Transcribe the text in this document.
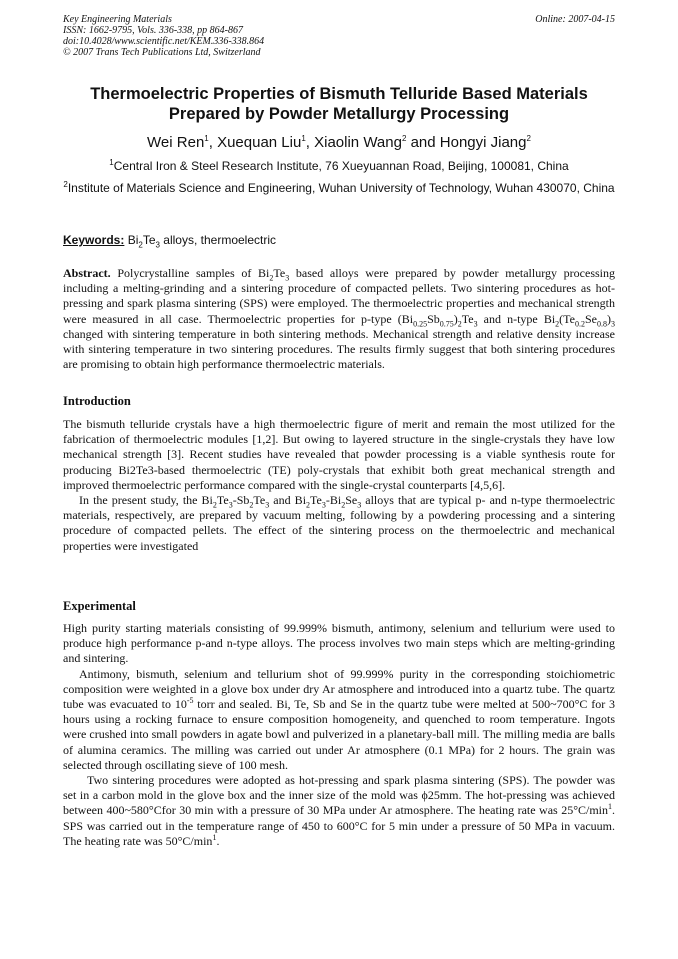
Key Engineering Materials
ISSN: 1662-9795, Vols. 336-338, pp 864-867
doi:10.4028/www.scientific.net/KEM.336-338.864
© 2007 Trans Tech Publications Ltd, Switzerland
Online: 2007-04-15
Thermoelectric Properties of Bismuth Telluride Based Materials
Prepared by Powder Metallurgy Processing
Wei Ren$^1$, Xuequan Liu$^1$, Xiaolin Wang$^2$ and Hongyi Jiang$^2$
$^1$Central Iron & Steel Research Institute, 76 Xueyuannan Road, Beijing, 100081, China
$^2$Institute of Materials Science and Engineering, Wuhan University of Technology, Wuhan 430070, China
Keywords: $Bi_2Te_3$ alloys, thermoelectric

Abstract. Polycrystalline samples of $Bi_2Te_3$ based alloys were prepared by powder metallurgy processing including a melting-grinding and a sintering procedure of compacted pellets. Two sintering procedures as hot-pressing and spark plasma sintering (SPS) were employed. The thermoelectric properties and mechanical strength were measured in all case. Thermoelectric properties for p-type $(Bi_{0.25}Sb_{0.75})_2Te_3$ and n-type $Bi_2(Te_{0.2}Se_{0.8})_3$ changed with sintering temperature in both sintering methods. Mechanical strength and relative density increase with sintering temperature in two sintering procedures. The results firmly suggest that both sintering procedures are promising to obtain high performance thermoelectric materials.

Introduction

The bismuth telluride crystals have a high thermoelectric figure of merit and remain the most utilized for the fabrication of thermoelectric modules [1,2]. But owing to layered structure in the single-crystals they have low mechanical strength [3]. Recent studies have revealed that powder processing is a viable synthesis route for producing Bi2Te3-based thermoelectric (TE) poly-crystals that exhibit both great mechanical strength and improved thermoelectric performance compared with the single-crystal counterparts [4,5,6].

In the present study, the $Bi_2Te_3-Sb_2Te_3$ and $Bi_2Te_3-Bi_2Se_3$ alloys that are typical p- and n-type thermoelectric materials, respectively, are prepared by vacuum melting, following by a powdering processing and a sintering procedure of compacted pellets. The effect of the sintering process on the thermoelectric and mechanical properties were investigated

Experimental

High purity starting materials consisting of 99.999% bismuth, antimony, selenium and tellurium were used to produce high performance p-and n-type alloys. The process involves two main steps which are melting-grinding and sintering.

Antimony, bismuth, selenium and tellurium shot of 99.999% purity in the corresponding stoichiometric composition were weighted in a glove box under dry Ar atmosphere and introduced into a quartz tube. The quartz tube was evacuated to $10^{-5}$ torr and sealed. Bi, Te, Sb and Se in the quartz tube were melted at 500~700°C for 3 hours using a rocking furnace to ensure composition homogeneity, and quenched to room temperature. Ingots were crushed into small powders in agate bowl and pulverized in a planetary-ball mill. The milling media are balls of alumina ceramics. The milling was carried out under Ar atmosphere (0.1 MPa) for 2 hours. The grain was selected through oscillating sieve of 100 mesh.

Two sintering procedures were adopted as hot-pressing and spark plasma sintering (SPS). The powder was set in a carbon mold in the glove box and the inner size of the mold was ϕ25mm. The hot-pressing was achieved between 400~580°Cfor 30 min with a pressure of 30 MPa under Ar atmosphere. The heating rate was $25^\circ C/\min^1$. SPS was carried out in the temperature range of 450 to 600°C for 5 min under a pressure of 50 MPa in vacuum. The heating rate was $50^\circ C/\min^1$.
